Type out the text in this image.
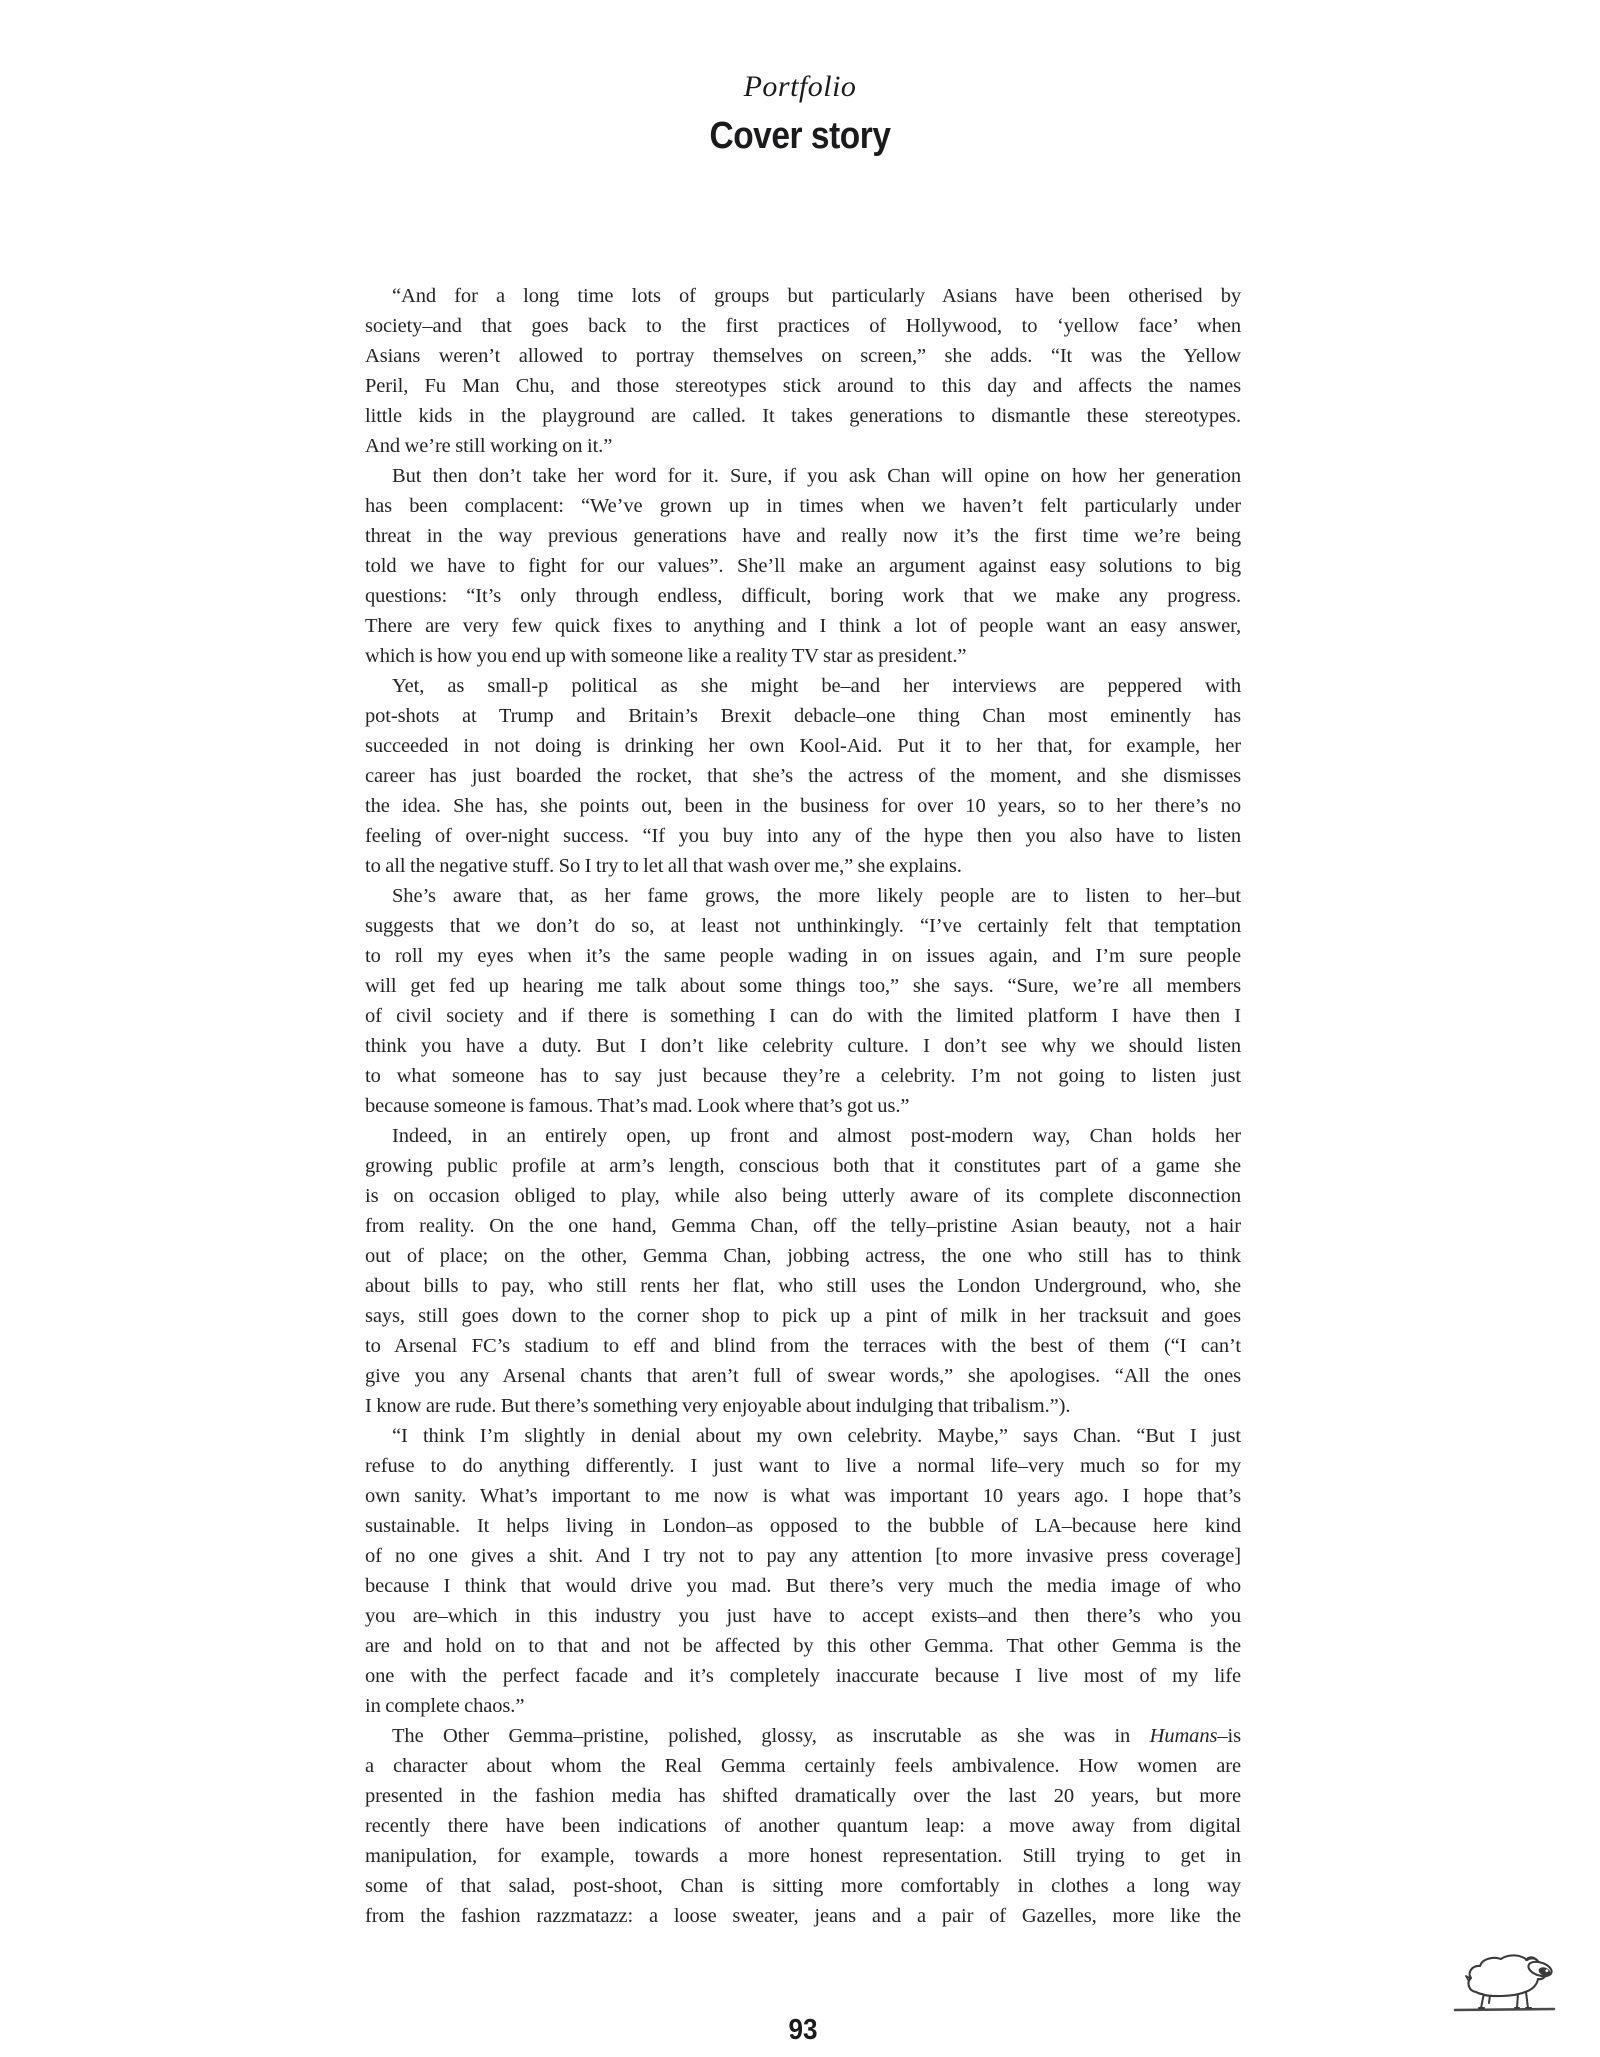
Portfolio
Cover story
“And for a long time lots of groups but particularly Asians have been otherised by
society–and that goes back to the first practices of Hollywood, to ‘yellow face’ when
Asians weren’t allowed to portray themselves on screen,” she adds. “It was the Yellow
Peril, Fu Man Chu, and those stereotypes stick around to this day and affects the names
little kids in the playground are called. It takes generations to dismantle these stereotypes.
And we’re still working on it.”
But then don’t take her word for it. Sure, if you ask Chan will opine on how her generation
has been complacent: “We’ve grown up in times when we haven’t felt particularly under
threat in the way previous generations have and really now it’s the first time we’re being
told we have to fight for our values”. She’ll make an argument against easy solutions to big
questions: “It’s only through endless, difficult, boring work that we make any progress.
There are very few quick fixes to anything and I think a lot of people want an easy answer,
which is how you end up with someone like a reality TV star as president.”
Yet, as small-p political as she might be–and her interviews are peppered with
pot-shots at Trump and Britain’s Brexit debacle–one thing Chan most eminently has
succeeded in not doing is drinking her own Kool-Aid. Put it to her that, for example, her
career has just boarded the rocket, that she’s the actress of the moment, and she dismisses
the idea. She has, she points out, been in the business for over 10 years, so to her there’s no
feeling of over-night success. “If you buy into any of the hype then you also have to listen
to all the negative stuff. So I try to let all that wash over me,” she explains.
She’s aware that, as her fame grows, the more likely people are to listen to her–but
suggests that we don’t do so, at least not unthinkingly. “I’ve certainly felt that temptation
to roll my eyes when it’s the same people wading in on issues again, and I’m sure people
will get fed up hearing me talk about some things too,” she says. “Sure, we’re all members
of civil society and if there is something I can do with the limited platform I have then I
think you have a duty. But I don’t like celebrity culture. I don’t see why we should listen
to what someone has to say just because they’re a celebrity. I’m not going to listen just
because someone is famous. That’s mad. Look where that’s got us.”
Indeed, in an entirely open, up front and almost post-modern way, Chan holds her
growing public profile at arm’s length, conscious both that it constitutes part of a game she
is on occasion obliged to play, while also being utterly aware of its complete disconnection
from reality. On the one hand, Gemma Chan, off the telly–pristine Asian beauty, not a hair
out of place; on the other, Gemma Chan, jobbing actress, the one who still has to think
about bills to pay, who still rents her flat, who still uses the London Underground, who, she
says, still goes down to the corner shop to pick up a pint of milk in her tracksuit and goes
to Arsenal FC’s stadium to eff and blind from the terraces with the best of them (“I can’t
give you any Arsenal chants that aren’t full of swear words,” she apologises. “All the ones
I know are rude. But there’s something very enjoyable about indulging that tribalism.”).
“I think I’m slightly in denial about my own celebrity. Maybe,” says Chan. “But I just
refuse to do anything differently. I just want to live a normal life–very much so for my
own sanity. What’s important to me now is what was important 10 years ago. I hope that’s
sustainable. It helps living in London–as opposed to the bubble of LA–because here kind
of no one gives a shit. And I try not to pay any attention [to more invasive press coverage]
because I think that would drive you mad. But there’s very much the media image of who
you are–which in this industry you just have to accept exists–and then there’s who you
are and hold on to that and not be affected by this other Gemma. That other Gemma is the
one with the perfect facade and it’s completely inaccurate because I live most of my life
in complete chaos.”
The Other Gemma–pristine, polished, glossy, as inscrutable as she was in Humans–is
a character about whom the Real Gemma certainly feels ambivalence. How women are
presented in the fashion media has shifted dramatically over the last 20 years, but more
recently there have been indications of another quantum leap: a move away from digital
manipulation, for example, towards a more honest representation. Still trying to get in
some of that salad, post-shoot, Chan is sitting more comfortably in clothes a long way
from the fashion razzmatazz: a loose sweater, jeans and a pair of Gazelles, more like the
93
